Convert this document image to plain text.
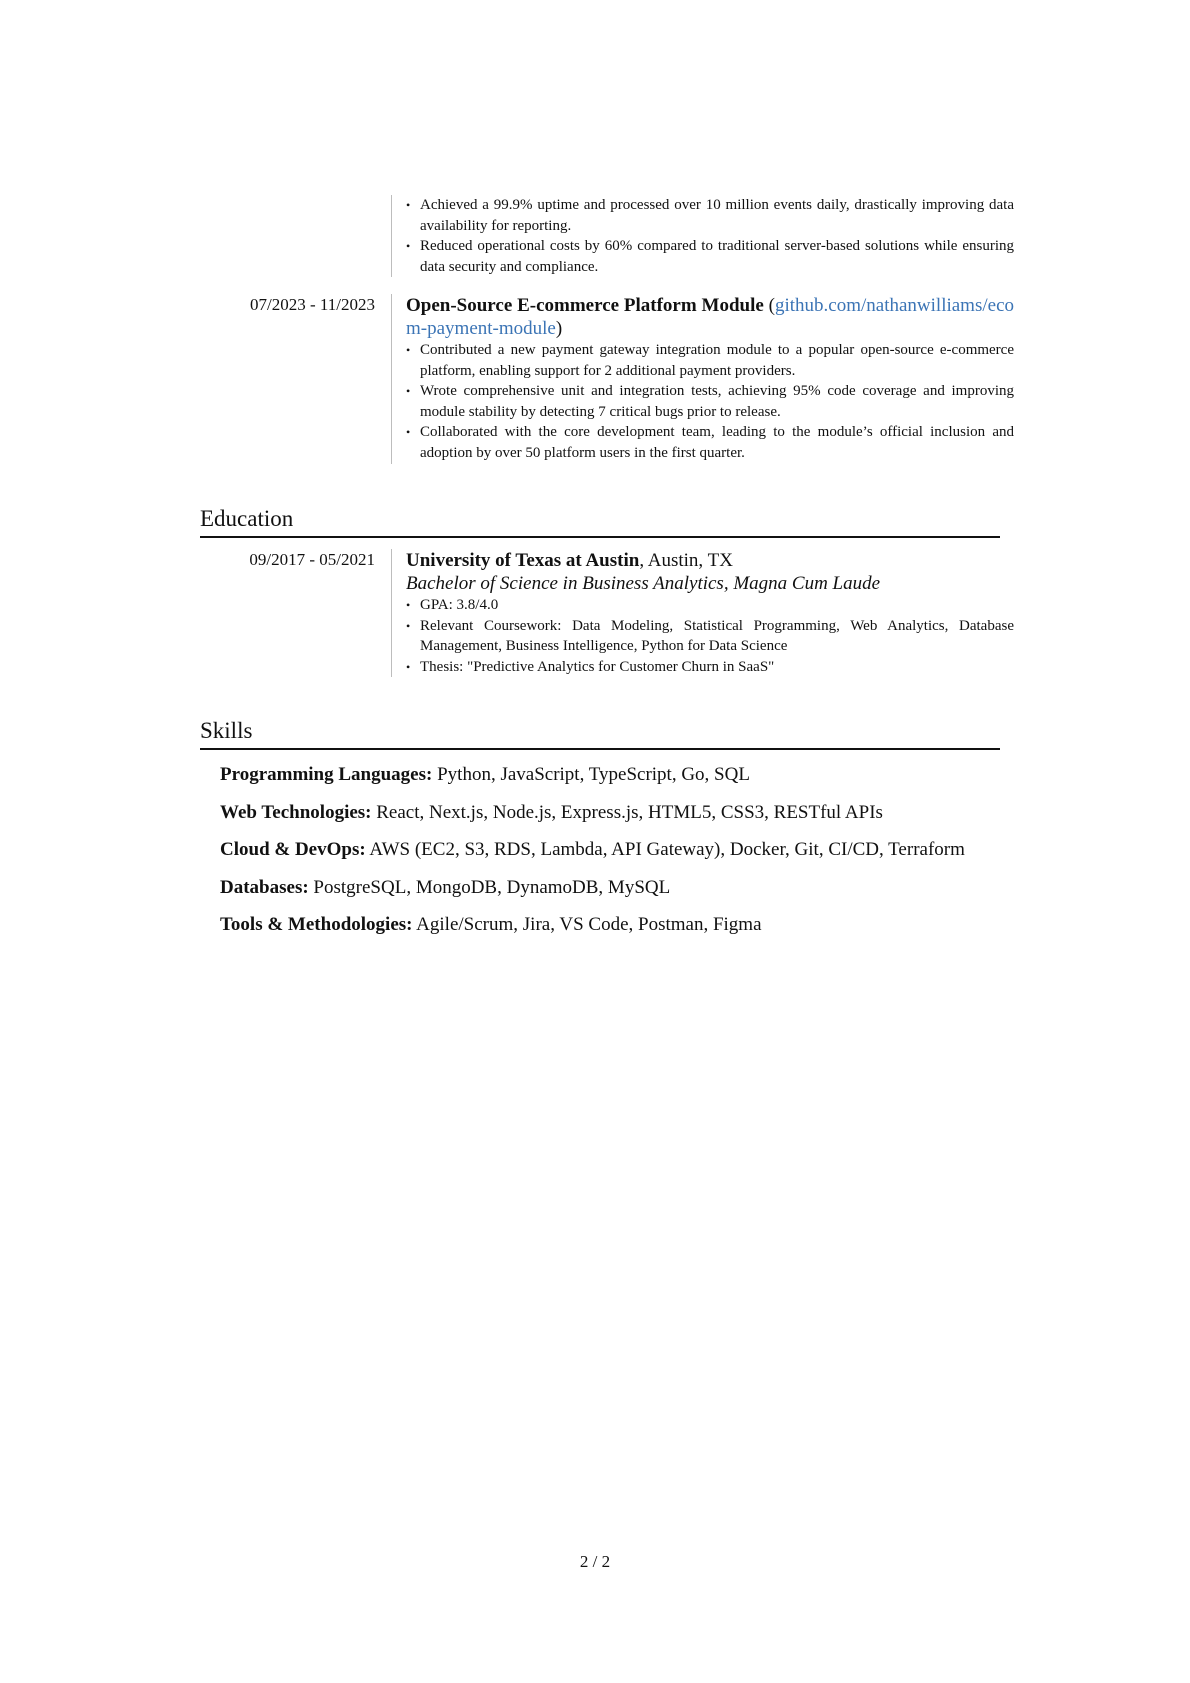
• Achieved a 99.9% uptime and processed over 10 million events daily, drastically improving data availability for reporting.
• Reduced operational costs by 60% compared to traditional server-based solutions while ensuring data security and compliance.
07/2023 - 11/2023 Open-Source E-commerce Platform Module (github.com/nathanwilliams/ecom-payment-module)
• Contributed a new payment gateway integration module to a popular open-source e-commerce platform, enabling support for 2 additional payment providers.
• Wrote comprehensive unit and integration tests, achieving 95% code coverage and improving module stability by detecting 7 critical bugs prior to release.
• Collaborated with the core development team, leading to the module’s official inclusion and adoption by over 50 platform users in the first quarter.
Education
09/2017 - 05/2021 University of Texas at Austin, Austin, TX
Bachelor of Science in Business Analytics, Magna Cum Laude
• GPA: 3.8/4.0
• Relevant Coursework: Data Modeling, Statistical Programming, Web Analytics, Database Management, Business Intelligence, Python for Data Science
• Thesis: "Predictive Analytics for Customer Churn in SaaS"
Skills
Programming Languages: Python, JavaScript, TypeScript, Go, SQL
Web Technologies: React, Next.js, Node.js, Express.js, HTML5, CSS3, RESTful APIs
Cloud & DevOps: AWS (EC2, S3, RDS, Lambda, API Gateway), Docker, Git, CI/CD, Terraform
Databases: PostgreSQL, MongoDB, DynamoDB, MySQL
Tools & Methodologies: Agile/Scrum, Jira, VS Code, Postman, Figma
2 / 2
